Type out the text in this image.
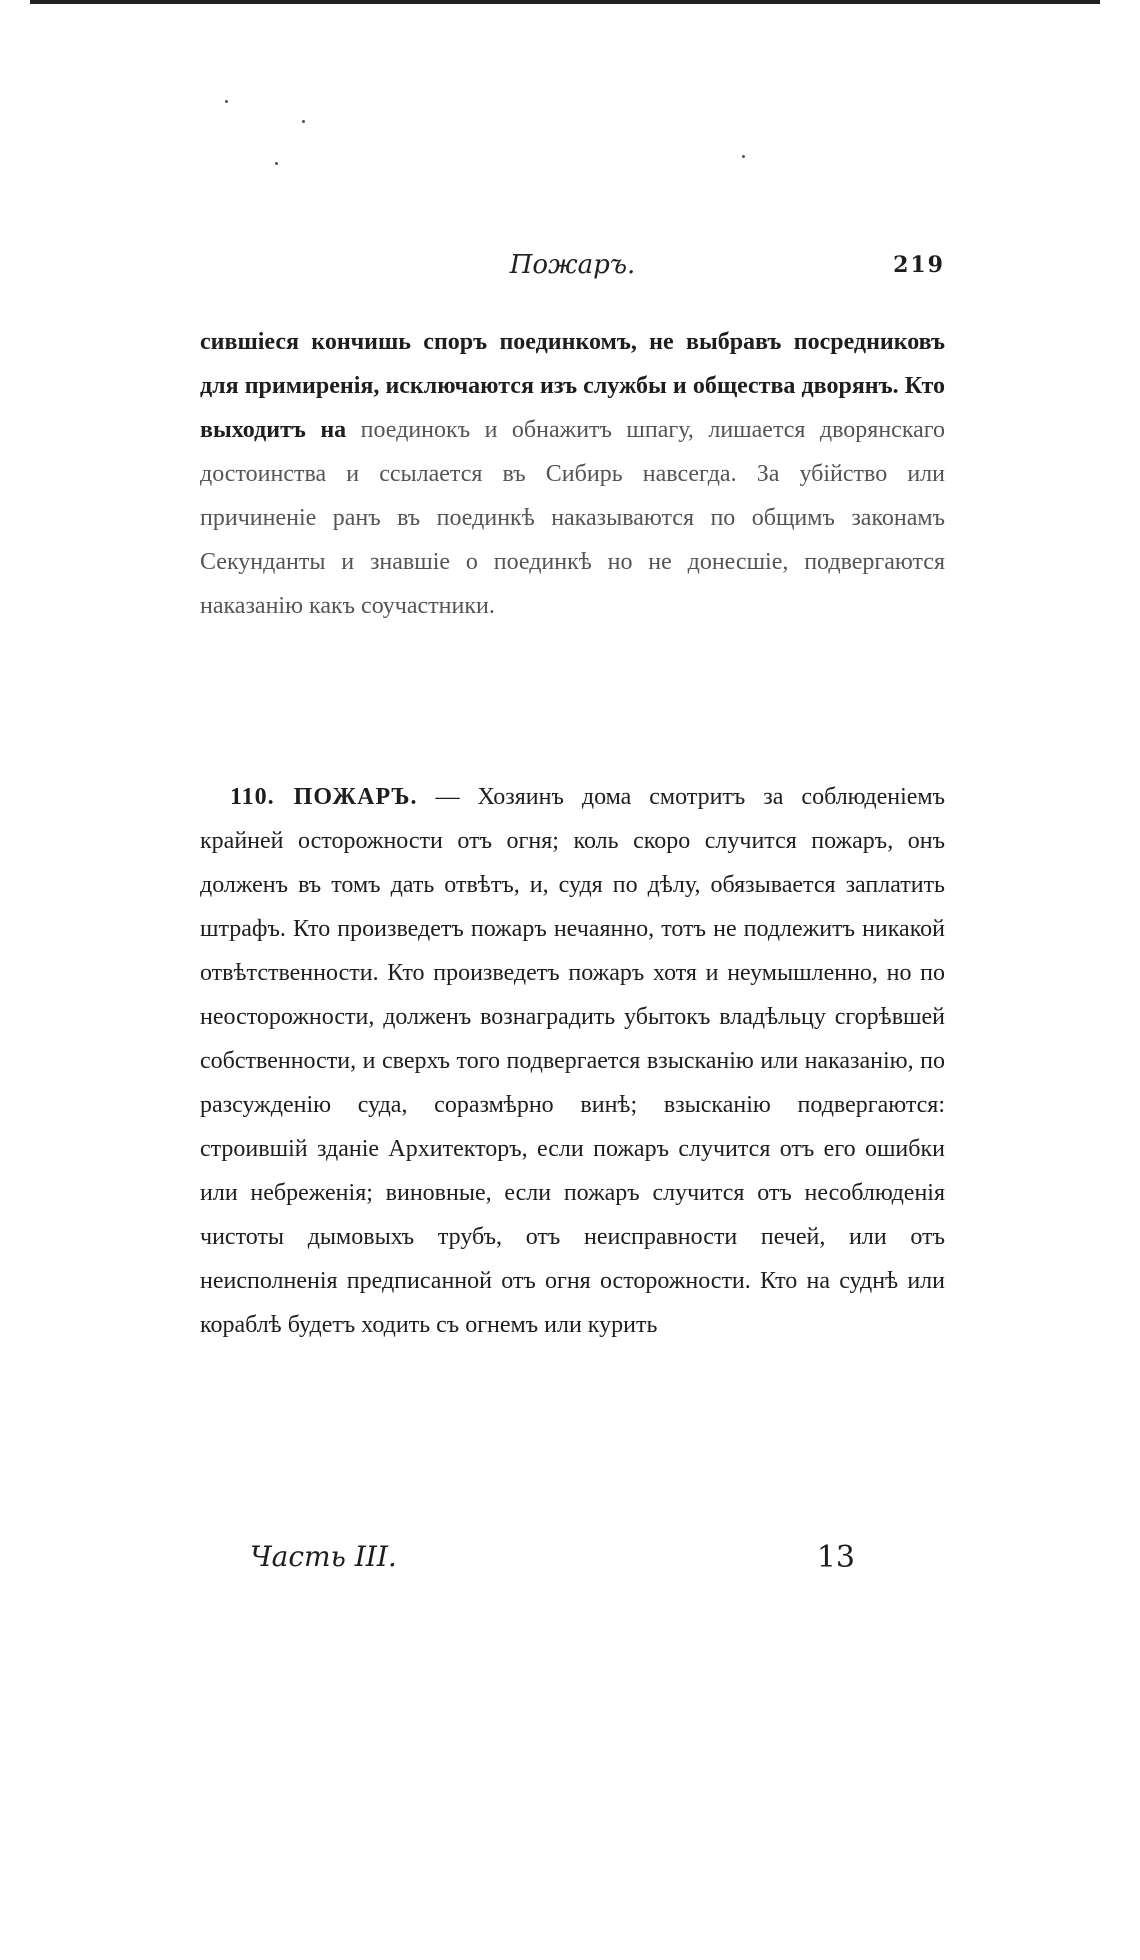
Пожаръ.	219

сившіеся кончишь споръ поединкомъ, не выбравъ посредниковъ для примиренія, исключаются изъ службы и общества дворянъ. Кто выходитъ на поединокъ и обнажитъ шпагу, лишается дворянскаго достоинства и ссылается въ Сибирь навсегда. За убійство или причиненіе ранъ въ поединкѣ наказываются по общимъ законамъ Секунданты и знавшіе о поединкѣ но не донесшіе, подвергаются наказанію какъ соучастники.

110. ПОЖАРЪ. — Хозяинъ дома смотритъ за соблюденіемъ крайней осторожности отъ огня; коль скоро случится пожаръ, онъ долженъ въ томъ дать отвѣтъ, и, судя по дѣлу, обязывается заплатить штрафъ. Кто произведетъ пожаръ нечаянно, тотъ не подлежитъ никакой отвѣтственности. Кто произведетъ пожаръ хотя и неумышленно, но по неосторожности, долженъ вознаградить убытокъ владѣльцу сгорѣвшей собственности, и сверхъ того подвергается взысканію или наказанію, по разсужденію суда, соразмѣрно винѣ; взысканію подвергаются: строившій зданіе Архитекторъ, если пожаръ случится отъ его ошибки или небреженія; виновные, если пожаръ случится отъ несоблюденія чистоты дымовыхъ трубъ, отъ неисправности печей, или отъ неисполненія предписанной отъ огня осторожности. Кто на суднѣ или кораблѣ будетъ ходить съ огнемъ или курить

Часть III.	13
